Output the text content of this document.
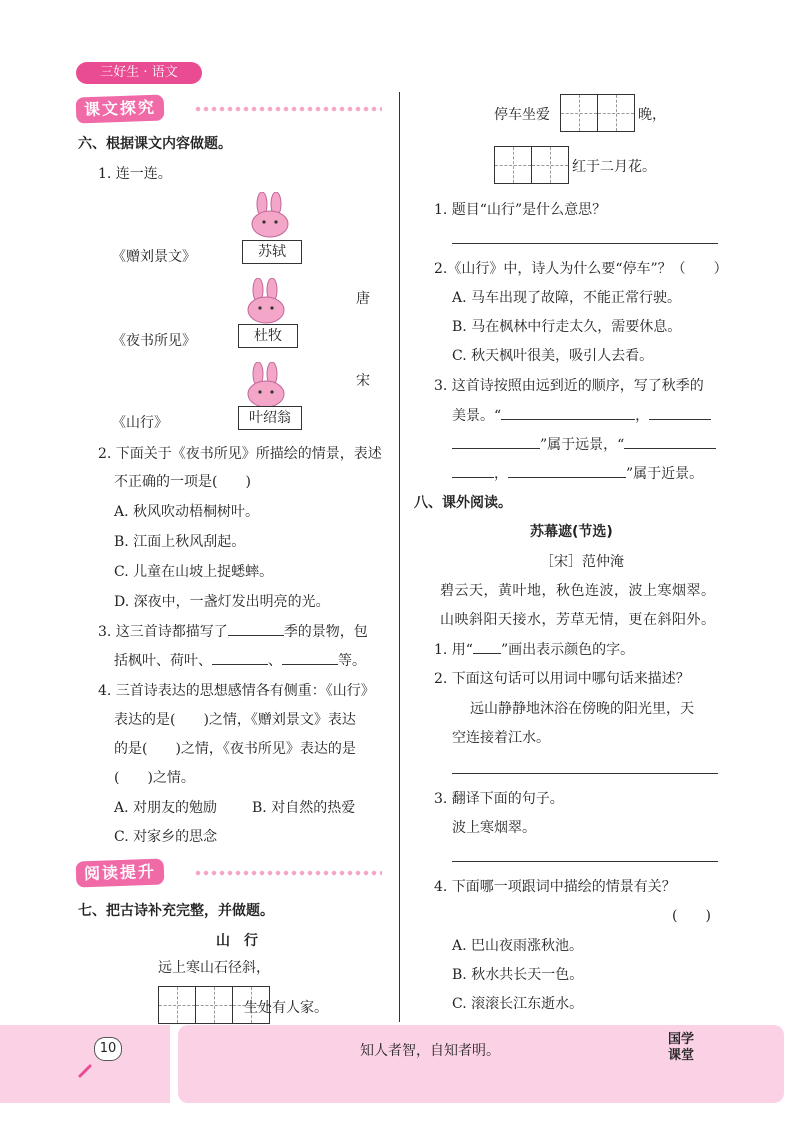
三好生 · 语文
课文探究
六、根据课文内容做题。
1. 连一连。
苏轼
杜牧
叶绍翁
《赠刘景文》
《夜书所见》
《山行》
唐
宋
2. 下面关于《夜书所见》所描绘的情景，表述
不正确的一项是(　　)
A. 秋风吹动梧桐树叶。
B. 江面上秋风刮起。
C. 儿童在山坡上捉蟋蟀。
D. 深夜中，一盏灯发出明亮的光。
3. 这三首诗都描写了	季的景物，包
括枫叶、荷叶、	、	等。
4. 三首诗表达的思想感情各有侧重：《山行》
表达的是(　　)之情，《赠刘景文》表达
的是(　　)之情，《夜书所见》表达的是
(　　)之情。
A. 对朋友的勉励 B. 对自然的热爱
C. 对家乡的思念
阅读提升
七、把古诗补充完整，并做题。
山　行
远上寒山石径斜，
生处有人家。
停车坐爱	晚，
红于二月花。
1. 题目“山行”是什么意思？
2.《山行》中，诗人为什么要“停车”？（　　）
A. 马车出现了故障，不能正常行驶。
B. 马在枫林中行走太久，需要休息。
C. 秋天枫叶很美，吸引人去看。
3. 这首诗按照由远到近的顺序，写了秋季的
美景。“	，
”属于远景，“
，	”属于近景。
八、课外阅读。
苏幕遮(节选)
［宋］范仲淹
碧云天，黄叶地，秋色连波，波上寒烟翠。
山映斜阳天接水，芳草无情，更在斜阳外。
1. 用“ ”画出表示颜色的字。
2. 下面这句话可以用词中哪句话来描述？
远山静静地沐浴在傍晚的阳光里，天
空连接着江水。
3. 翻译下面的句子。
波上寒烟翠。
4. 下面哪一项跟词中描绘的情景有关？
(　　)
A. 巴山夜雨涨秋池。
B. 秋水共长天一色。
C. 滚滚长江东逝水。
10	知人者智，自知者明。
国学
课堂
